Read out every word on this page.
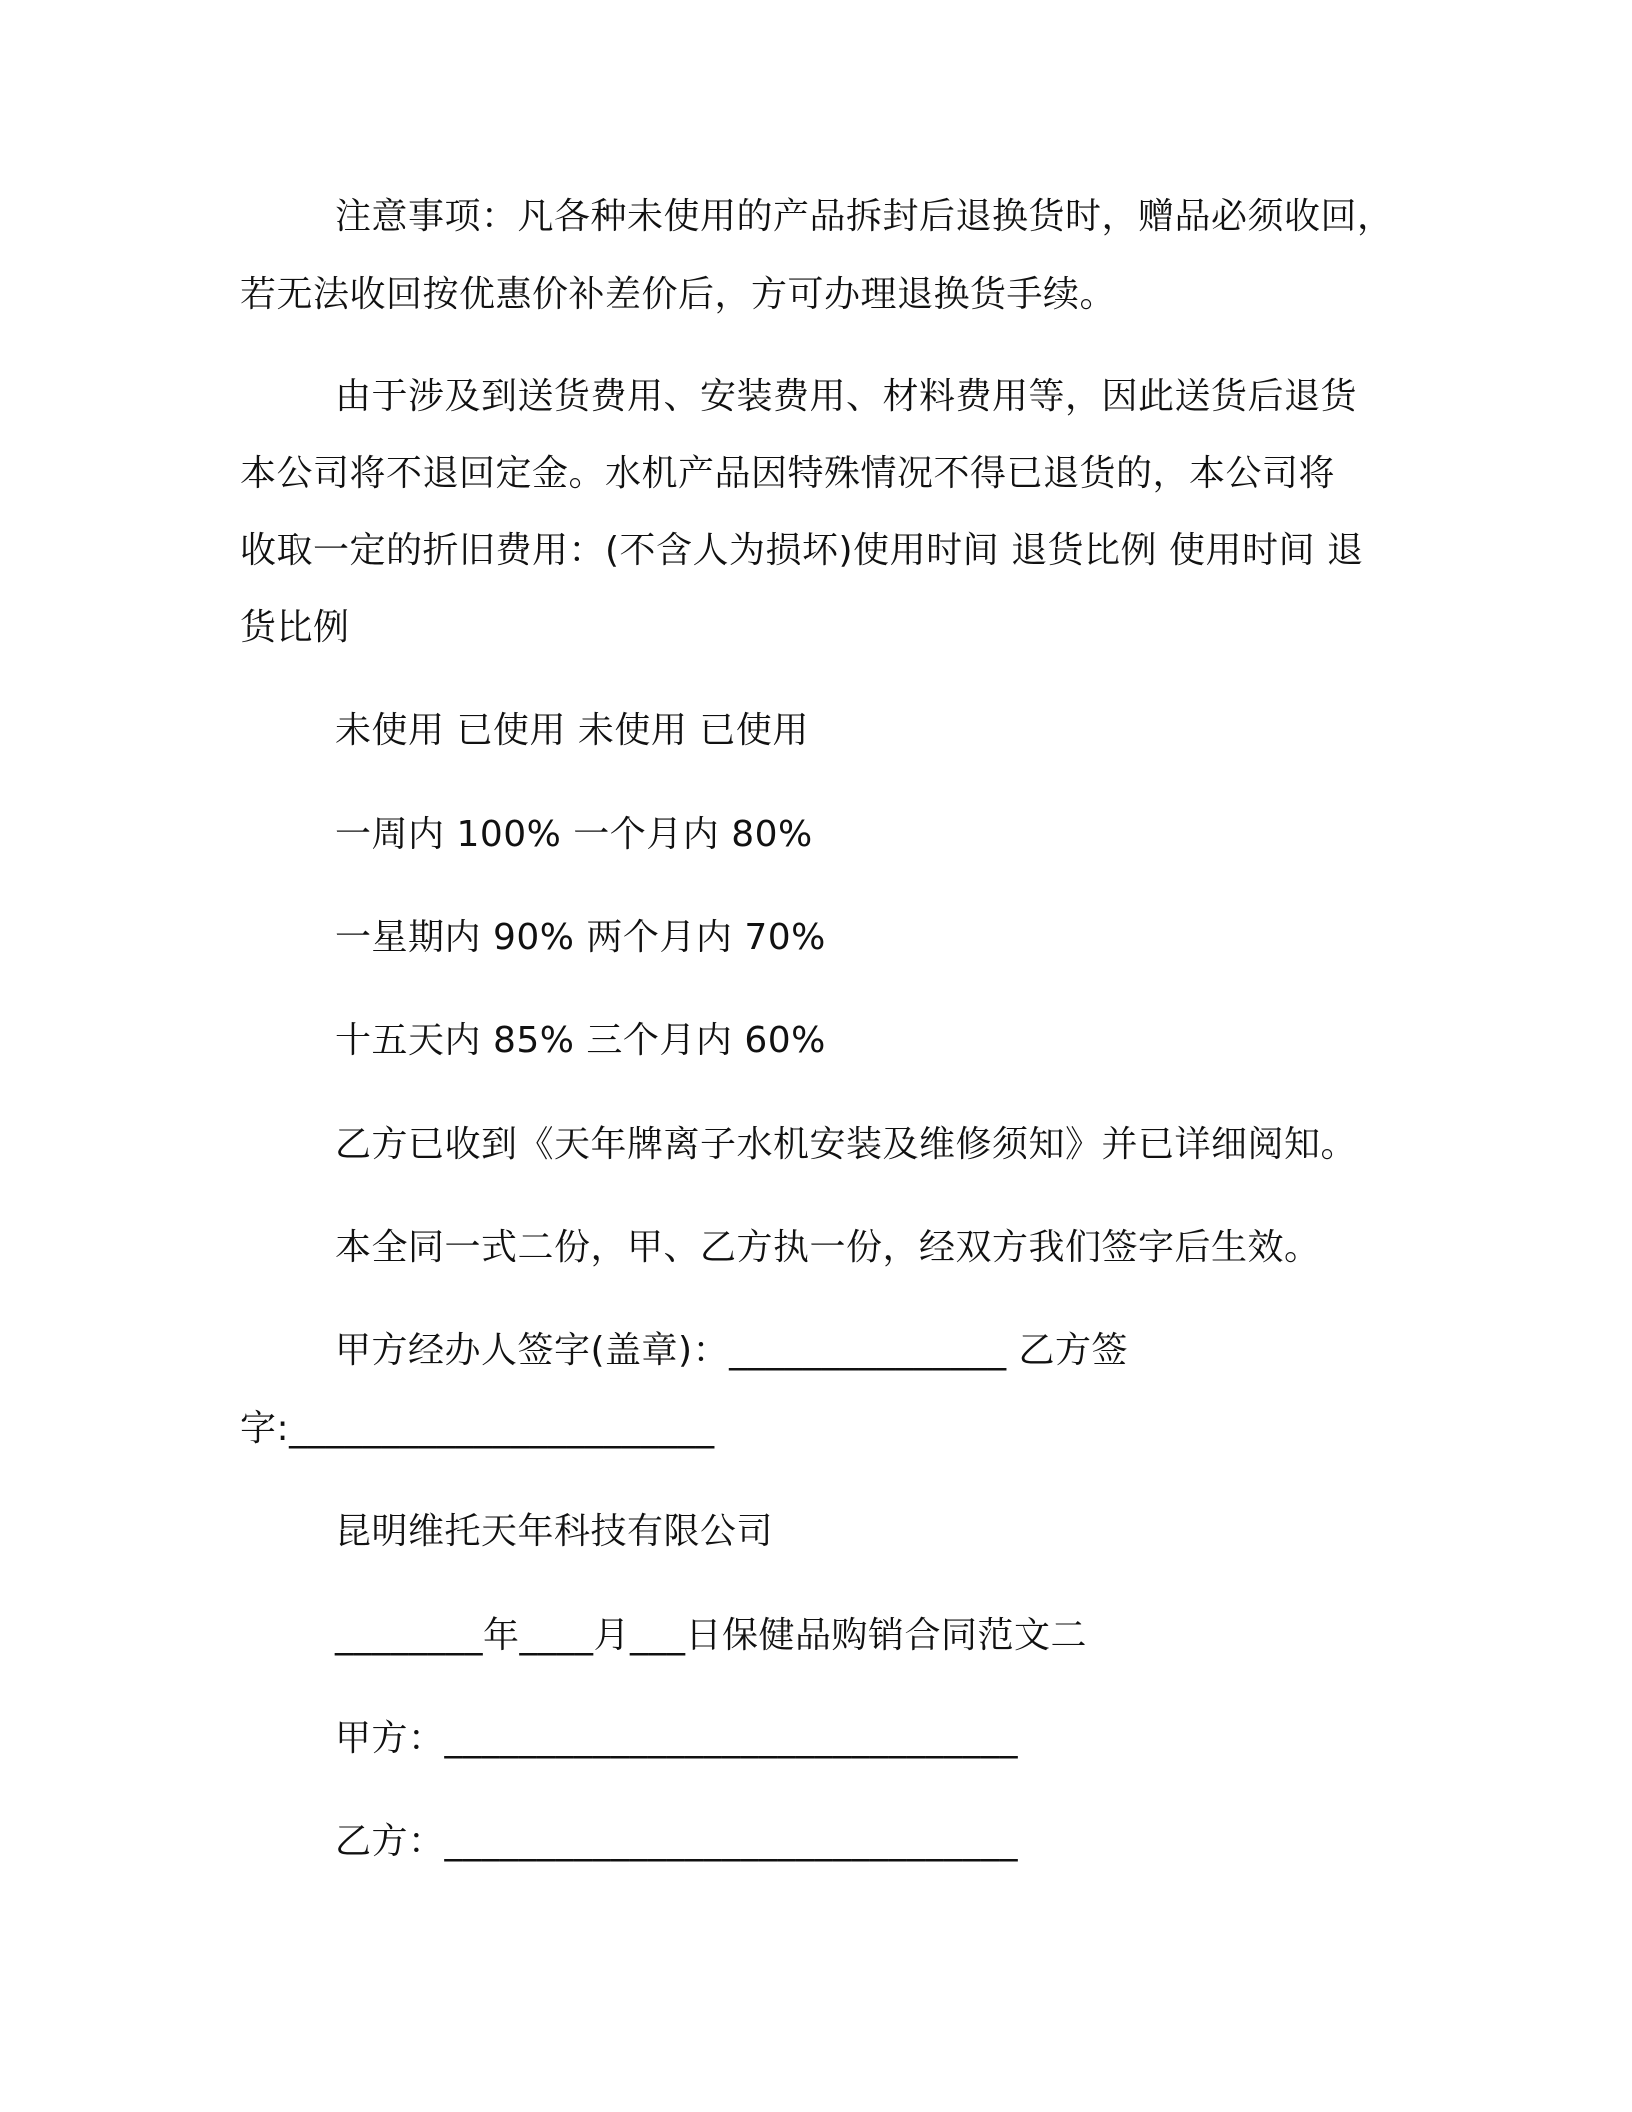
注意事项：凡各种未使用的产品拆封后退换货时，赠品必须收回，
若无法收回按优惠价补差价后，方可办理退换货手续。
由于涉及到送货费用、安装费用、材料费用等，因此送货后退货
本公司将不退回定金。水机产品因特殊情况不得已退货的，本公司将
收取一定的折旧费用：(不含人为损坏)使用时间 退货比例 使用时间 退
货比例
未使用 已使用 未使用 已使用
一周内 100% 一个月内 80%
一星期内 90% 两个月内 70%
十五天内 85% 三个月内 60%
乙方已收到《天年牌离子水机安装及维修须知》并已详细阅知。
本全同一式二份，甲、乙方执一份，经双方我们签字后生效。
甲方经办人签字(盖章)：_______________ 乙方签
字:_______________________
昆明维托天年科技有限公司
________年____月___日保健品购销合同范文二
甲方：_______________________________
乙方：_______________________________
